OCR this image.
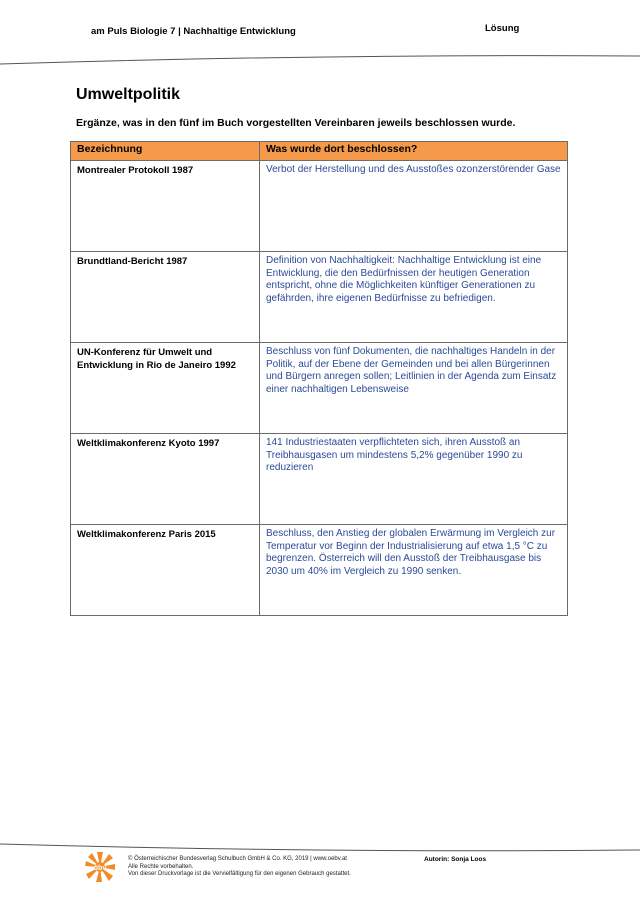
am Puls Biologie 7 | Nachhaltige Entwicklung	Lösung
Umweltpolitik

Ergänze, was in den fünf im Buch vorgestellten Vereinbaren jeweils beschlossen wurde.

Bezeichnung	Was wurde dort beschlossen?
Montrealer Protokoll 1987	Verbot der Herstellung und des Ausstoßes ozonzerstörender Gase
Brundtland-Bericht 1987	Definition von Nachhaltigkeit: Nachhaltige Entwicklung ist eine Entwicklung, die den Bedürfnissen der heutigen Generation entspricht, ohne die Möglichkeiten künftiger Generationen zu gefährden, ihre eigenen Bedürfnisse zu befriedigen.
UN-Konferenz für Umwelt und Entwicklung in Rio de Janeiro 1992	Beschluss von fünf Dokumenten, die nachhaltiges Handeln in der Politik, auf der Ebene der Gemeinden und bei allen Bürgerinnen und Bürgern anregen sollen; Leitlinien in der Agenda zum Einsatz einer nachhaltigen Lebensweise
Weltklimakonferenz Kyoto 1997	141 Industriestaaten verpflichteten sich, ihren Ausstoß an Treibhausgasen um mindestens 5,2% gegenüber 1990 zu reduzieren
Weltklimakonferenz Paris 2015	Beschluss, den Anstieg der globalen Erwärmung im Vergleich zur Temperatur vor Beginn der Industrialisierung auf etwa 1,5 °C zu begrenzen. Österreich will den Ausstoß der Treibhausgase bis 2030 um 40% im Vergleich zu 1990 senken.
öbv
© Österreichischer Bundesverlag Schulbuch GmbH & Co. KG, 2019 | www.oebv.at
Alle Rechte vorbehalten.
Von dieser Druckvorlage ist die Vervielfältigung für den eigenen Gebrauch gestattet.
Autorin: Sonja Loos
